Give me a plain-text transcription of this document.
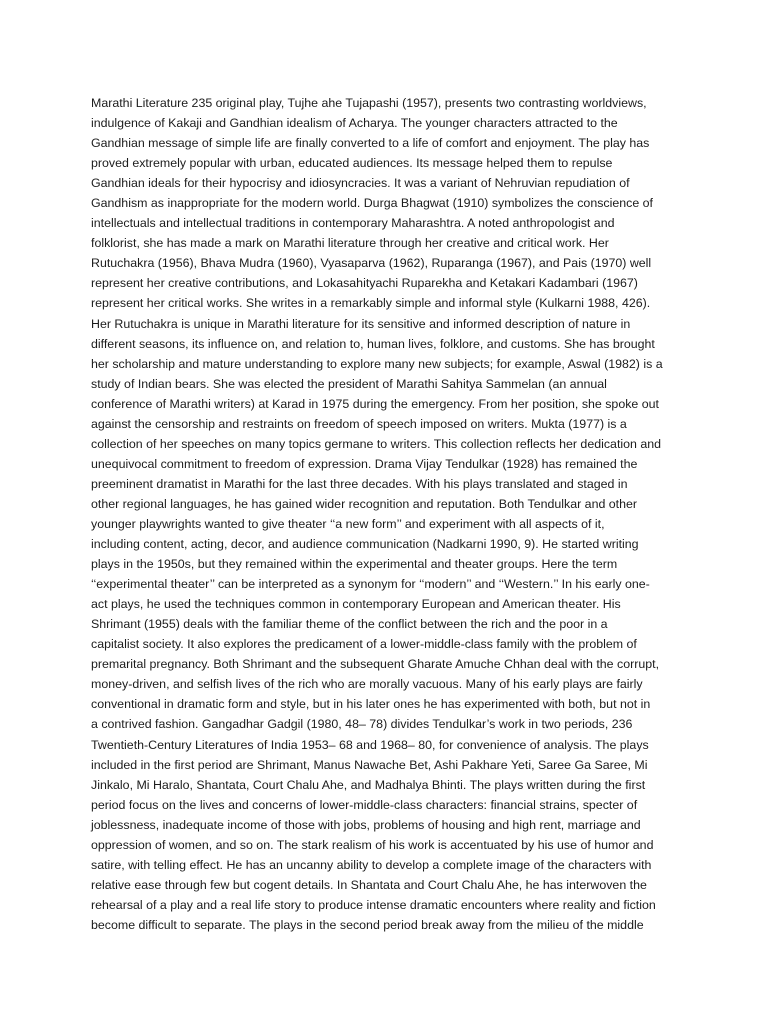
Marathi Literature 235 original play, Tujhe ahe Tujapashi (1957), presents two contrasting worldviews,
indulgence of Kakaji and Gandhian idealism of Acharya. The younger characters attracted to the
Gandhian message of simple life are finally converted to a life of comfort and enjoyment. The play has
proved extremely popular with urban, educated audiences. Its message helped them to repulse
Gandhian ideals for their hypocrisy and idiosyncracies. It was a variant of Nehruvian repudiation of
Gandhism as inappropriate for the modern world. Durga Bhagwat (1910) symbolizes the conscience of
intellectuals and intellectual traditions in contemporary Maharashtra. A noted anthropologist and
folklorist, she has made a mark on Marathi literature through her creative and critical work. Her
Rutuchakra (1956), Bhava Mudra (1960), Vyasaparva (1962), Ruparanga (1967), and Pais (1970) well
represent her creative contributions, and Lokasahityachi Ruparekha and Ketakari Kadambari (1967)
represent her critical works. She writes in a remarkably simple and informal style (Kulkarni 1988, 426).
Her Rutuchakra is unique in Marathi literature for its sensitive and informed description of nature in
different seasons, its influence on, and relation to, human lives, folklore, and customs. She has brought
her scholarship and mature understanding to explore many new subjects; for example, Aswal (1982) is a
study of Indian bears. She was elected the president of Marathi Sahitya Sammelan (an annual
conference of Marathi writers) at Karad in 1975 during the emergency. From her position, she spoke out
against the censorship and restraints on freedom of speech imposed on writers. Mukta (1977) is a
collection of her speeches on many topics germane to writers. This collection reflects her dedication and
unequivocal commitment to freedom of expression. Drama Vijay Tendulkar (1928) has remained the
preeminent dramatist in Marathi for the last three decades. With his plays translated and staged in
other regional languages, he has gained wider recognition and reputation. Both Tendulkar and other
younger playwrights wanted to give theater ‘‘a new form’’ and experiment with all aspects of it,
including content, acting, decor, and audience communication (Nadkarni 1990, 9). He started writing
plays in the 1950s, but they remained within the experimental and theater groups. Here the term
‘‘experimental theater’’ can be interpreted as a synonym for ‘‘modern’’ and ‘‘Western.’’ In his early one-
act plays, he used the techniques common in contemporary European and American theater. His
Shrimant (1955) deals with the familiar theme of the conflict between the rich and the poor in a
capitalist society. It also explores the predicament of a lower-middle-class family with the problem of
premarital pregnancy. Both Shrimant and the subsequent Gharate Amuche Chhan deal with the corrupt,
money-driven, and selfish lives of the rich who are morally vacuous. Many of his early plays are fairly
conventional in dramatic form and style, but in his later ones he has experimented with both, but not in
a contrived fashion. Gangadhar Gadgil (1980, 48– 78) divides Tendulkar’s work in two periods, 236
Twentieth-Century Literatures of India 1953– 68 and 1968– 80, for convenience of analysis. The plays
included in the first period are Shrimant, Manus Nawache Bet, Ashi Pakhare Yeti, Saree Ga Saree, Mi
Jinkalo, Mi Haralo, Shantata, Court Chalu Ahe, and Madhalya Bhinti. The plays written during the first
period focus on the lives and concerns of lower-middle-class characters: financial strains, specter of
joblessness, inadequate income of those with jobs, problems of housing and high rent, marriage and
oppression of women, and so on. The stark realism of his work is accentuated by his use of humor and
satire, with telling effect. He has an uncanny ability to develop a complete image of the characters with
relative ease through few but cogent details. In Shantata and Court Chalu Ahe, he has interwoven the
rehearsal of a play and a real life story to produce intense dramatic encounters where reality and fiction
become difficult to separate. The plays in the second period break away from the milieu of the middle
